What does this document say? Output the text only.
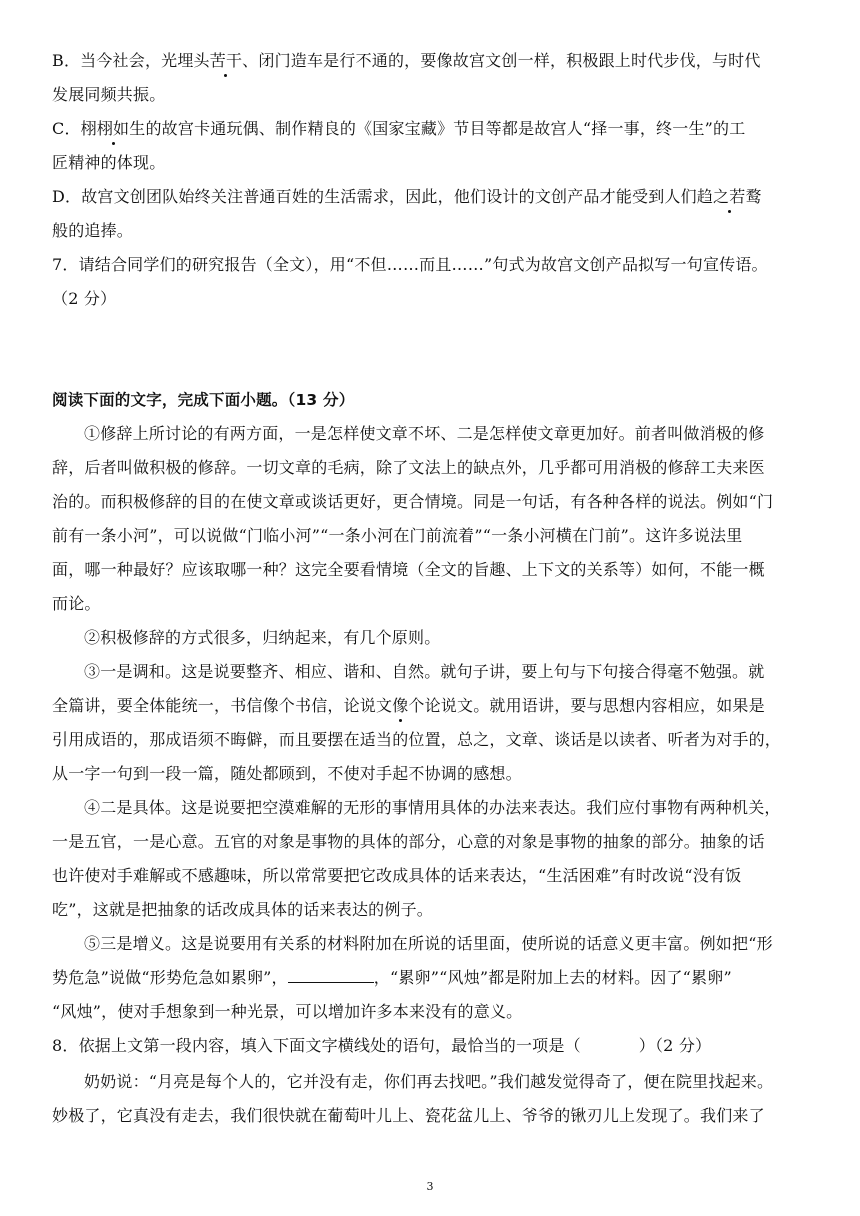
B．当今社会，光埋头苦干、闭门造车是行不通的，要像故宫文创一样，积极跟上时代步伐，与时代
发展同频共振。
C．栩栩如生的故宫卡通玩偶、制作精良的《国家宝藏》节目等都是故宫人“择一事，终一生”的工
匠精神的体现。
D．故宫文创团队始终关注普通百姓的生活需求，因此，他们设计的文创产品才能受到人们趋之若鹜
般的追捧。
7．请结合同学们的研究报告（全文），用“不但……而且……”句式为故宫文创产品拟写一句宣传语。
（2 分）
阅读下面的文字，完成下面小题。（13 分）
①修辞上所讨论的有两方面，一是怎样使文章不坏、二是怎样使文章更加好。前者叫做消极的修
辞，后者叫做积极的修辞。一切文章的毛病，除了文法上的缺点外，几乎都可用消极的修辞工夫来医
治的。而积极修辞的目的在使文章或谈话更好，更合情境。同是一句话，有各种各样的说法。例如“门
前有一条小河”，可以说做“门临小河”“一条小河在门前流着”“一条小河横在门前”。这许多说法里
面，哪一种最好？应该取哪一种？这完全要看情境（全文的旨趣、上下文的关系等）如何，不能一概
而论。
②积极修辞的方式很多，归纳起来，有几个原则。
③一是调和。这是说要整齐、相应、谐和、自然。就句子讲，要上句与下句接合得毫不勉强。就
全篇讲，要全体能统一，书信像个书信，论说文像个论说文。就用语讲，要与思想内容相应，如果是
引用成语的，那成语须不晦僻，而且要摆在适当的位置，总之，文章、谈话是以读者、听者为对手的，
从一字一句到一段一篇，随处都顾到，不使对手起不协调的感想。
④二是具体。这是说要把空漠难解的无形的事情用具体的办法来表达。我们应付事物有两种机关，
一是五官，一是心意。五官的对象是事物的具体的部分，心意的对象是事物的抽象的部分。抽象的话
也许使对手难解或不感趣味，所以常常要把它改成具体的话来表达，“生活困难”有时改说“没有饭
吃”，这就是把抽象的话改成具体的话来表达的例子。
⑤三是增义。这是说要用有关系的材料附加在所说的话里面，使所说的话意义更丰富。例如把“形
势危急”说做“形势危急如累卵”，	，“累卵”“风烛”都是附加上去的材料。因了“累卵”
“风烛”，使对手想象到一种光景，可以增加许多本来没有的意义。
8．依据上文第一段内容，填入下面文字横线处的语句，最恰当的一项是（	）（2 分）
奶奶说：“月亮是每个人的，它并没有走，你们再去找吧。”我们越发觉得奇了，便在院里找起来。
妙极了，它真没有走去，我们很快就在葡萄叶儿上、瓷花盆儿上、爷爷的锹刃儿上发现了。我们来了
3
